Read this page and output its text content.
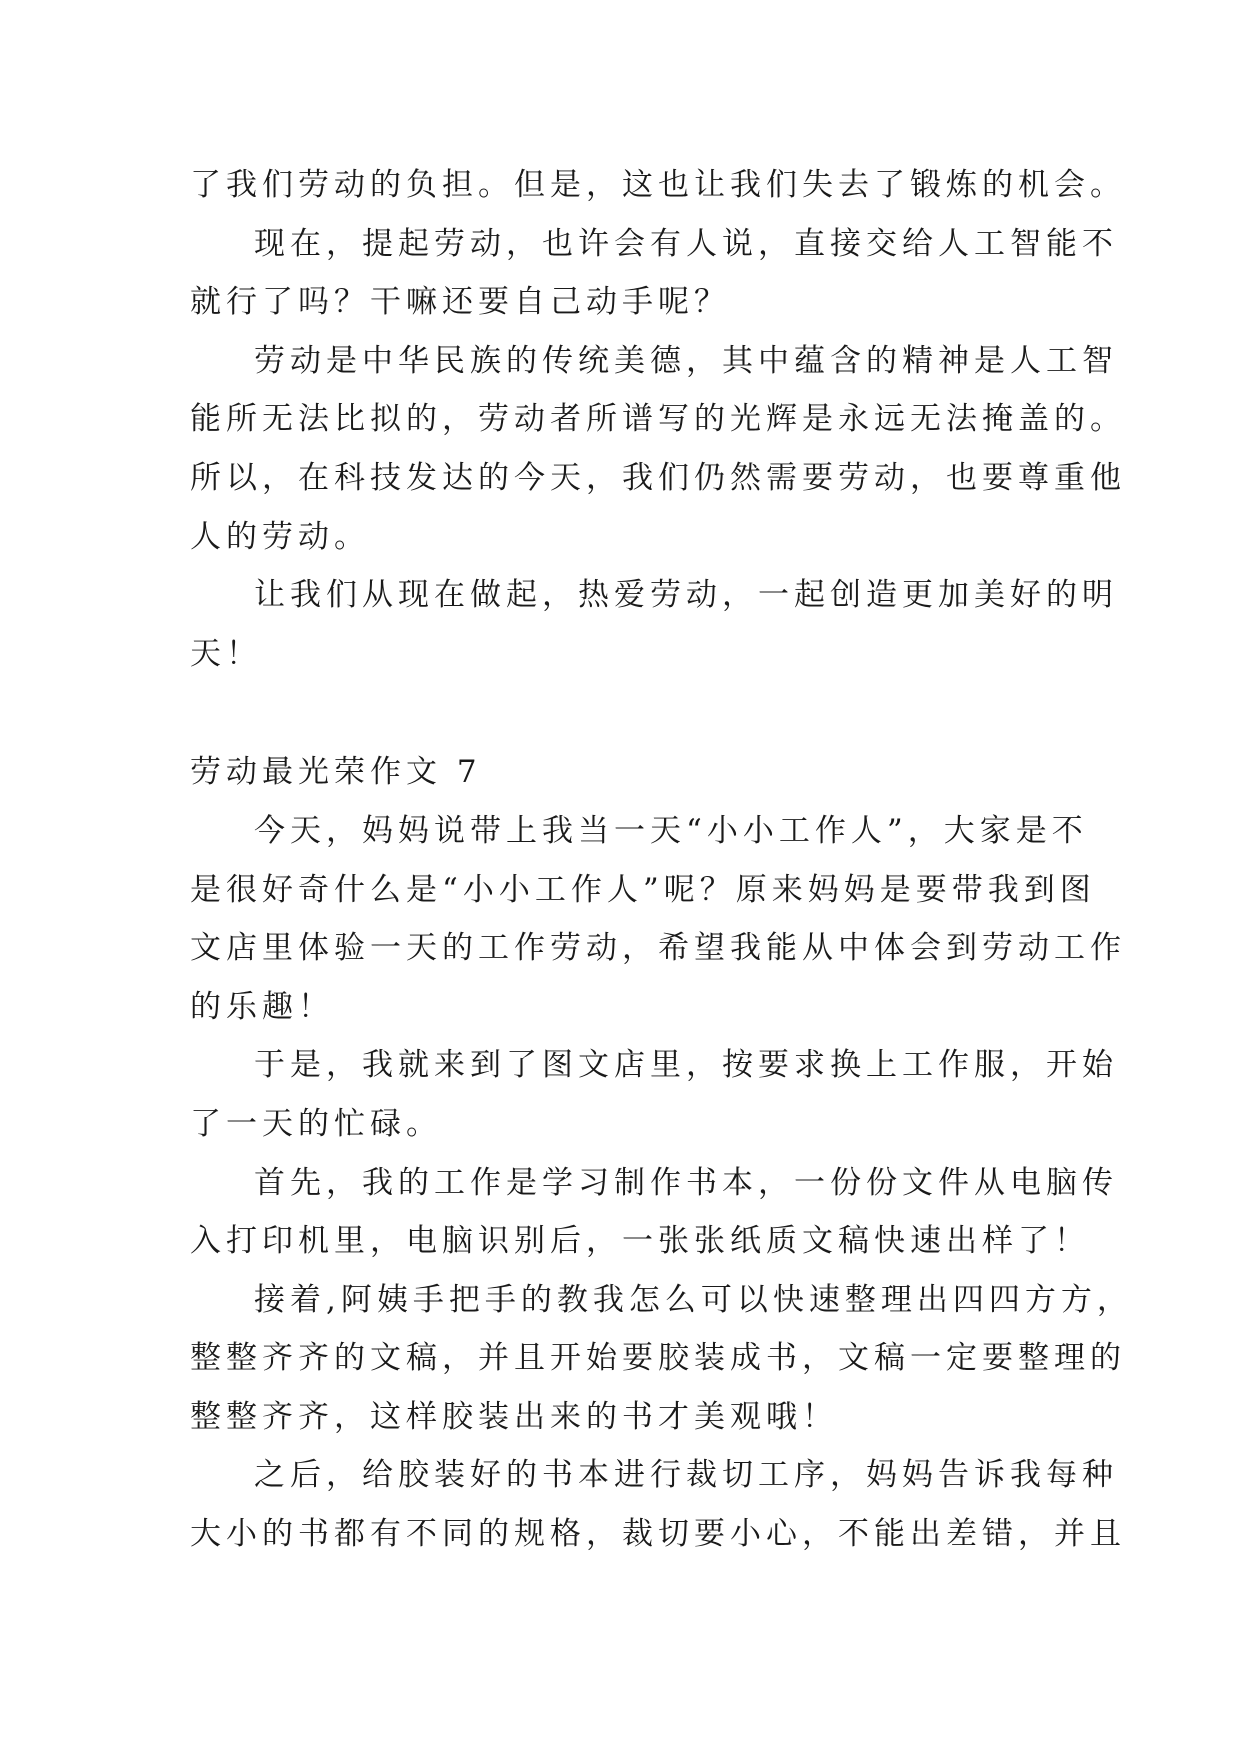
了我们劳动的负担。但是，这也让我们失去了锻炼的机会。
现在，提起劳动，也许会有人说，直接交给人工智能不
就行了吗？干嘛还要自己动手呢？
劳动是中华民族的传统美德，其中蕴含的精神是人工智
能所无法比拟的，劳动者所谱写的光辉是永远无法掩盖的。
所以，在科技发达的今天，我们仍然需要劳动，也要尊重他
人的劳动。
让我们从现在做起，热爱劳动，一起创造更加美好的明
天！
劳动最光荣作文 7
今天，妈妈说带上我当一天“小小工作人”，大家是不
是很好奇什么是“小小工作人”呢？原来妈妈是要带我到图
文店里体验一天的工作劳动，希望我能从中体会到劳动工作
的乐趣！
于是，我就来到了图文店里，按要求换上工作服，开始
了一天的忙碌。
首先，我的工作是学习制作书本，一份份文件从电脑传
入打印机里，电脑识别后，一张张纸质文稿快速出样了！
接着,阿姨手把手的教我怎么可以快速整理出四四方方，
整整齐齐的文稿，并且开始要胶装成书，文稿一定要整理的
整整齐齐，这样胶装出来的书才美观哦！
之后，给胶装好的书本进行裁切工序，妈妈告诉我每种
大小的书都有不同的规格，裁切要小心，不能出差错，并且
